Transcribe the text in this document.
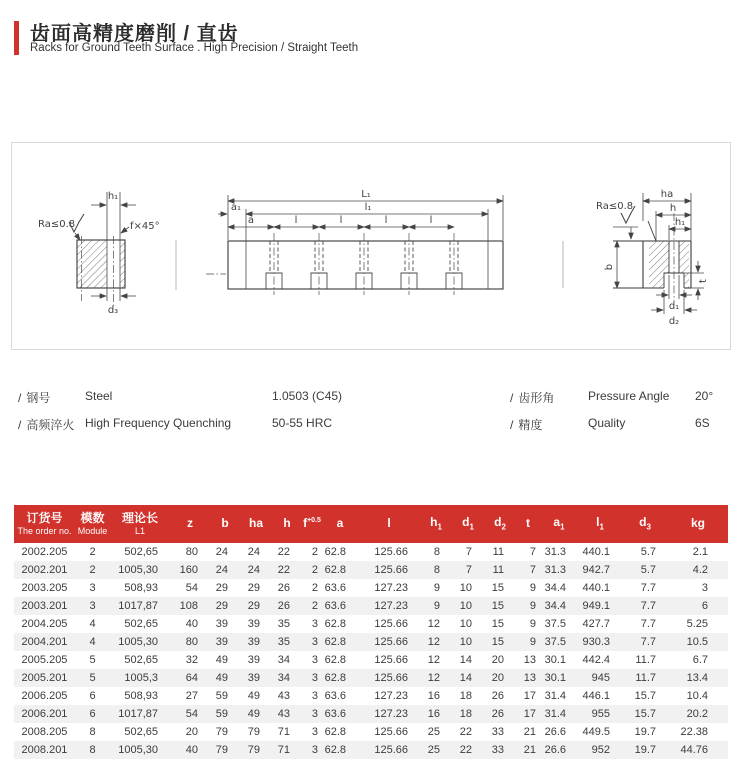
齿面高精度磨削 / 直齿
Racks for Ground Teeth Surface . High Precision / Straight Teeth
h₁
Ra≤0.8	f×45°
d₃
L₁
l₁
a₁
a	l	l	l	l
ha
h
h₁
Ra≤0.8
b
t
d₁
d₂
/ 钢号	Steel	1.0503 (C45)
/ 高频淬火 High Frequency Quenching	50-55 HRC
/ 齿形角	Pressure Angle 20°
/ 精度	Quality	6S
订货号
The order no.

模数
Module

理论长
L1
	z	b	ha	h	$f^{+0.5}$	a	l	$h_1$	$d_1$	$d_2$	t	$a_1$	$l_1$	$d_3$	kg
2002.205	2	502,65	80	24	24	22	2	62.8	125.66	8	7	11	7	31.3	440.1	5.7	2.1
2002.201	2	1005,30	160	24	24	22	2	62.8	125.66	8	7	11	7	31.3	942.7	5.7	4.2
2003.205	3	508,93	54	29	29	26	2	63.6	127.23	9	10	15	9	34.4	440.1	7.7	3
2003.201	3	1017,87	108	29	29	26	2	63.6	127.23	9	10	15	9	34.4	949.1	7.7	6
2004.205	4	502,65	40	39	39	35	3	62.8	125.66	12	10	15	9	37.5	427.7	7.7	5.25
2004.201	4	1005,30	80	39	39	35	3	62.8	125.66	12	10	15	9	37.5	930.3	7.7	10.5
2005.205	5	502,65	32	49	39	34	3	62.8	125.66	12	14	20	13	30.1	442.4	11.7	6.7
2005.201	5	1005,3	64	49	39	34	3	62.8	125.66	12	14	20	13	30.1	945	11.7	13.4
2006.205	6	508,93	27	59	49	43	3	63.6	127.23	16	18	26	17	31.4	446.1	15.7	10.4
2006.201	6	1017,87	54	59	49	43	3	63.6	127.23	16	18	26	17	31.4	955	15.7	20.2
2008.205	8	502,65	20	79	79	71	3	62.8	125.66	25	22	33	21	26.6	449.5	19.7	22.38
2008.201	8	1005,30	40	79	79	71	3	62.8	125.66	25	22	33	21	26.6	952	19.7	44.76
